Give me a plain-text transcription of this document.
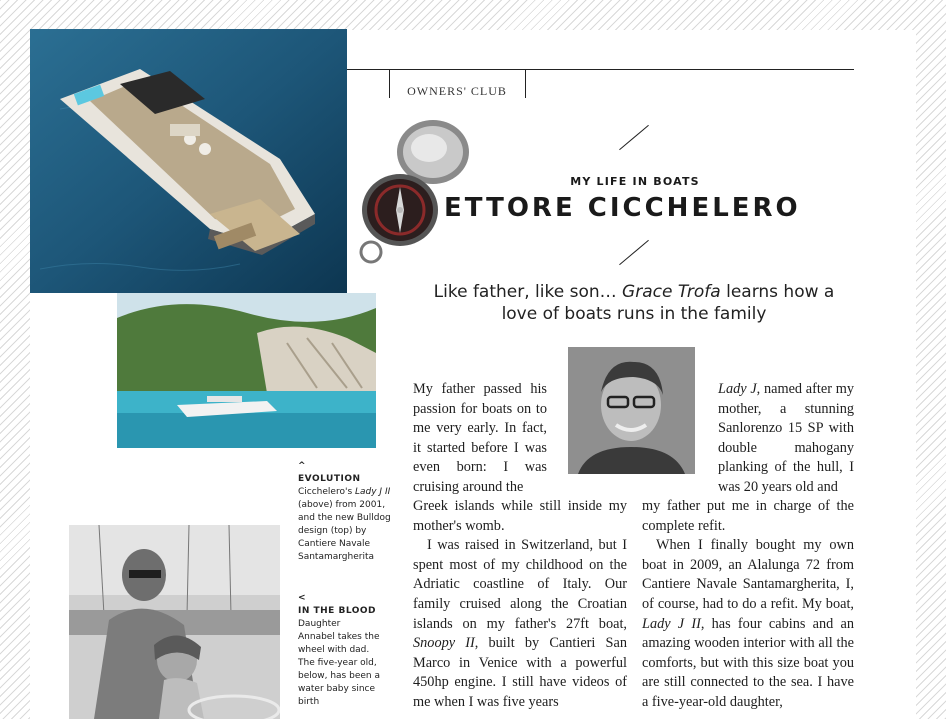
OWNERS' CLUB
MY LIFE IN BOATS
ETTORE CICCHELERO
Like father, like son… Grace Trofa learns how a love of boats runs in the family
^
EVOLUTION
Cicchelero's Lady J II (above) from 2001, and the new Bulldog design (top) by Cantiere Navale Santamargherita
<
IN THE BLOOD
Daughter Annabel takes the wheel with dad. The five-year old, below, has been a water baby since birth

My father passed his passion for boats on to me very early. In fact, it started before I was even born: I was cruising around the

Greek islands while still inside my mother's womb.

I was raised in Switzerland, but I spent most of my childhood on the Adriatic coastline of Italy. Our family cruised along the Croatian islands on my father's 27ft boat, Snoopy II, built by Cantieri San Marco in Venice with a powerful 450hp engine. I still have videos of me when I was five years

Lady J, named after my mother, a stunning Sanlorenzo 15 SP with double mahogany planking of the hull, I was 20 years old and

my father put me in charge of the complete refit.

When I finally bought my own boat in 2009, an Alalunga 72 from Cantiere Navale Santamargherita, I, of course, had to do a refit. My boat, Lady J II, has four cabins and an amazing wooden interior with all the comforts, but with this size boat you are still connected to the sea. I have a five-year-old daughter,
